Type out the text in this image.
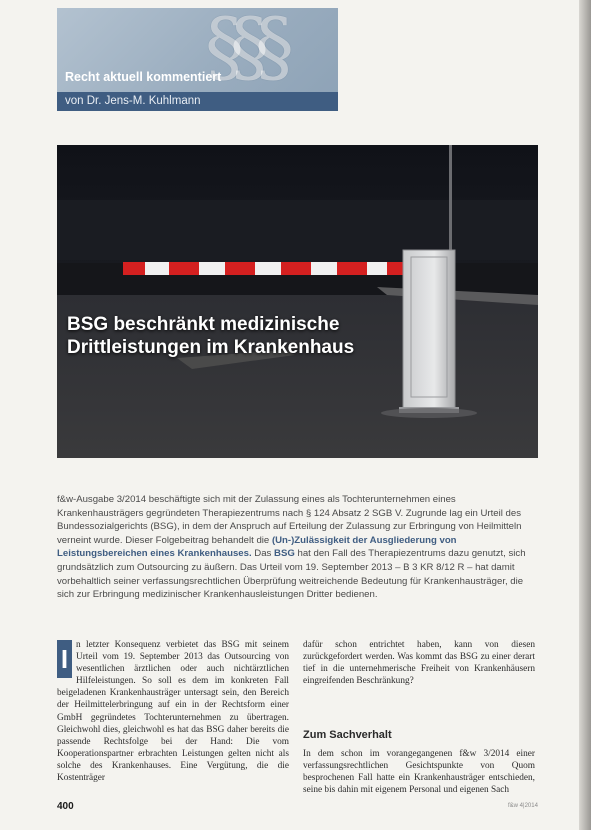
§§§
Recht aktuell kommentiert
von Dr. Jens-M. Kuhlmann
BSG beschränkt medizinische
Drittleistungen im Krankenhaus

f&w-Ausgabe 3/2014 beschäftigte sich mit der Zulassung eines als Tochterunternehmen eines Krankenhausträgers gegründeten Therapiezentrums nach § 124 Absatz 2 SGB V. Zugrunde lag ein Urteil des Bundessozialgerichts (BSG), in dem der Anspruch auf Erteilung der Zulassung zur Erbringung von Heilmitteln verneint wurde. Dieser Folgebeitrag behandelt die (Un-)Zulässigkeit der Ausgliederung von Leistungsbereichen eines Krankenhauses. Das BSG hat den Fall des Therapiezentrums dazu genutzt, sich grundsätzlich zum Outsourcing zu äußern. Das Urteil vom 19. September 2013 – B 3 KR 8/12 R – hat damit vorbehaltlich seiner verfassungsrechtlichen Überprüfung weitreichende Bedeutung für Krankenhausträger, die sich zur Erbringung medizinischer Krankenhausleistungen Dritter bedienen.

I n letzter Konsequenz verbietet das BSG mit seinem Urteil vom 19. September 2013 das Outsourcing von wesentlichen ärztlichen oder auch nichtärztlichen Hilfeleistungen. So soll es dem im konkreten Fall beigeladenen Krankenhausträger untersagt sein, den Bereich der Heilmittelerbringung auf ein in der Rechtsform einer GmbH gegründetes Tochterunternehmen zu übertragen. Gleichwohl dies, gleichwohl es hat das BSG daher bereits die passende Rechtsfolge bei der Hand: Die vom Kooperationspartner erbrachten Leistungen gelten nicht als solche des Krankenhauses. Eine Vergütung, die die Kostenträger

dafür schon entrichtet haben, kann von diesen zurückgefordert werden. Was kommt das BSG zu einer derart tief in die unternehmerische Freiheit von Krankenhäusern eingreifenden Beschränkung?

Zum Sachverhalt

In dem schon im vorangegangenen f&w 3/2014 einer verfassungsrechtlichen Gesichtspunkte von Quom besprochenen Fall hatte ein Krankenhausträger entschieden, seine bis dahin mit eigenem Personal und eigenen Sach

400	f&w 4|2014
